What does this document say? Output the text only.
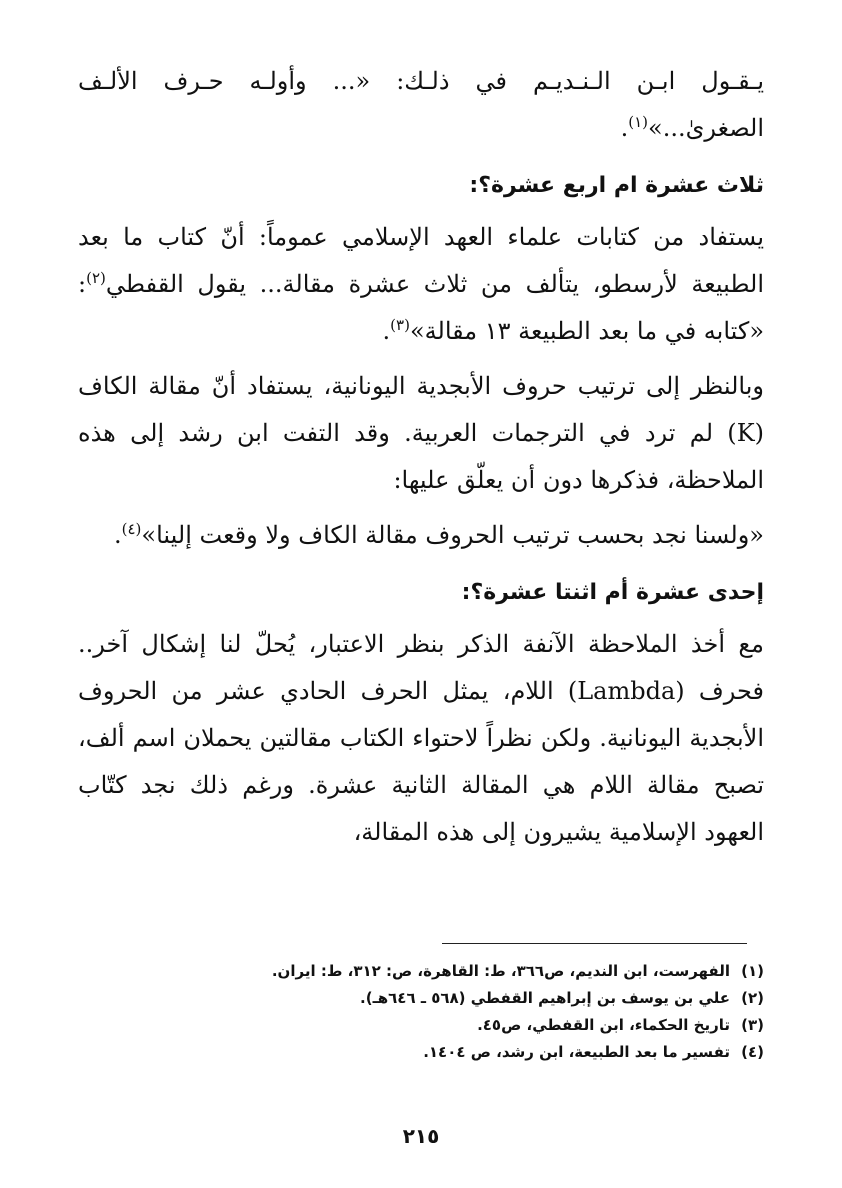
يـقـول ابـن الـنـديـم في ذلـك: «... وأولـه حـرف الألـف الصغرىٰ...»$^{(١)}$.

ثلاث عشرة ام اربع عشرة؟:

يستفاد من كتابات علماء العهد الإسلامي عموماً: أنّ كتاب ما بعد الطبيعة لأرسطو، يتألف من ثلاث عشرة مقالة... يقول القفطي$^{(٢)}$: «كتابه في ما بعد الطبيعة ١٣ مقالة»$^{(٣)}$.

وبالنظر إلى ترتيب حروف الأبجدية اليونانية، يستفاد أنّ مقالة الكاف (K) لم ترد في الترجمات العربية. وقد التفت ابن رشد إلى هذه الملاحظة، فذكرها دون أن يعلّق عليها:

«ولسنا نجد بحسب ترتيب الحروف مقالة الكاف ولا وقعت إلينا»$^{(٤)}$.

إحدى عشرة أم اثنتا عشرة؟:

مع أخذ الملاحظة الآنفة الذكر بنظر الاعتبار، يُحلّ لنا إشكال آخر.. فحرف (Lambda) اللام، يمثل الحرف الحادي عشر من الحروف الأبجدية اليونانية. ولكن نظراً لاحتواء الكتاب مقالتين يحملان اسم ألف، تصبح مقالة اللام هي المقالة الثانية عشرة. ورغم ذلك نجد كتّاب العهود الإسلامية يشيرون إلى هذه المقالة،

(١)الفهرست، ابن النديم، ص٣٦٦، ط: القاهرة، ص: ٣١٢، ط: ايران.

(٢)علي بن يوسف بن إبراهيم القفطي (٥٦٨ ـ ٦٤٦هـ).

(٣)تاريخ الحكماء، ابن القفطي، ص٤٥.

(٤)تفسير ما بعد الطبيعة، ابن رشد، ص ١٤٠٤.

٢١٥
